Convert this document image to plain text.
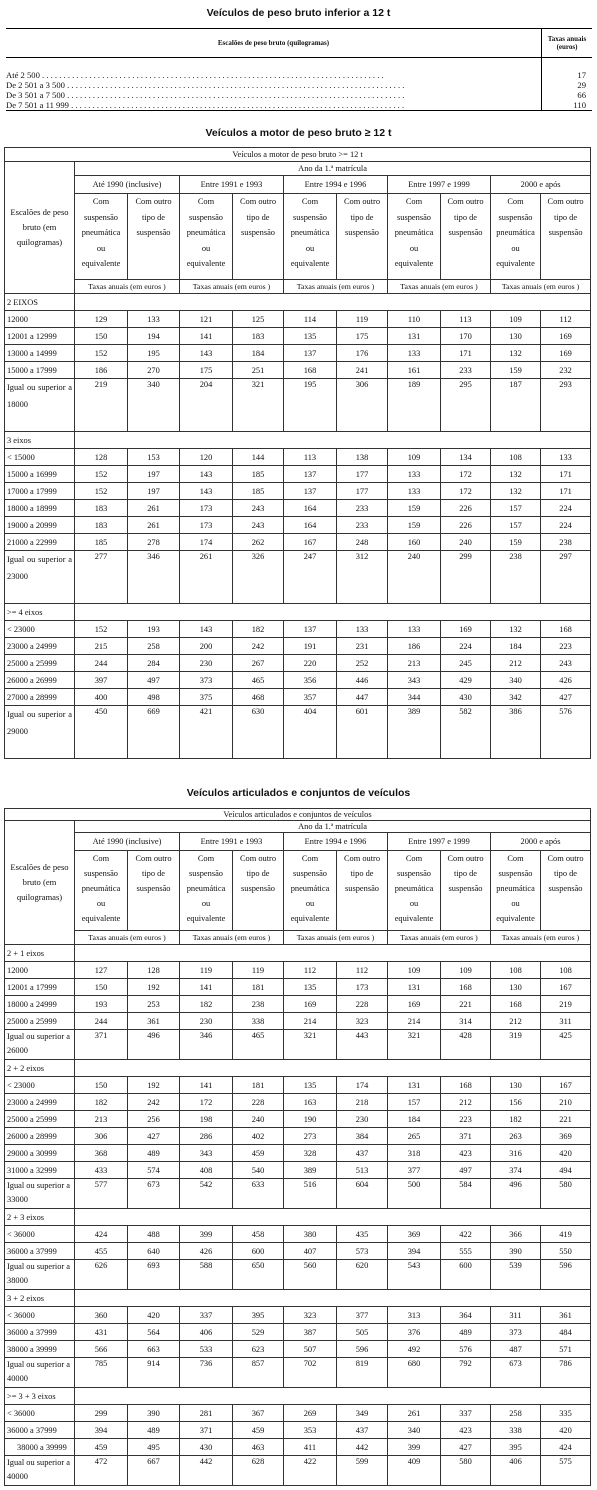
Veículos de peso bruto inferior a 12 t
Escalões de peso bruto (quilogramas)	Taxas anuais (euros)
Até 2 500 . . . . . . . . . . . . . . . . . . . . . . . . . . . . . . . . . . . . . . . . . . . . . . . . . . . . . . . . . . . . . . . . . . . . . . . . . . . . . . . .	17
De 2 501 a 3 500 . . . . . . . . . . . . . . . . . . . . . . . . . . . . . . . . . . . . . . . . . . . . . . . . . . . . . . . . . . . . . . . . . . . . . . . . . . . . . . .	29
De 3 501 a 7 500 . . . . . . . . . . . . . . . . . . . . . . . . . . . . . . . . . . . . . . . . . . . . . . . . . . . . . . . . . . . . . . . . . . . . . . . . . . . . . . .	66
De 7 501 a 11 999 . . . . . . . . . . . . . . . . . . . . . . . . . . . . . . . . . . . . . . . . . . . . . . . . . . . . . . . . . . . . . . . . . . . . . . . . . . . . . .	110
Veículos a motor de peso bruto ≥ 12 t
Veículos a motor de peso bruto >= 12 t										
Escalões de peso bruto (em quilogramas)	Ano da 1.ª matrícula									
	Até 1990 (inclusive)		Entre 1991 e 1993		Entre 1994 e 1996		Entre 1997 e 1999		2000 e após	
	Com suspensão pneumática ou equivalente	Com outro tipo de suspensão	Com suspensão pneumática ou equivalente	Com outro tipo de suspensão	Com suspensão pneumática ou equivalente	Com outro tipo de suspensão	Com suspensão pneumática ou equivalente	Com outro tipo de suspensão	Com suspensão pneumática ou equivalente	Com outro tipo de suspensão
	Taxas anuais (em euros )		Taxas anuais (em euros )		Taxas anuais (em euros )		Taxas anuais (em euros )		Taxas anuais (em euros )	
2 EIXOS										
12000	129	133	121	125	114	119	110	113	109	112
12001 a 12999	150	194	141	183	135	175	131	170	130	169
13000 a 14999	152	195	143	184	137	176	133	171	132	169
15000 a 17999	186	270	175	251	168	241	161	233	159	232
Igual ou superior a 18000	219	340	204	321	195	306	189	295	187	293
3 eixos										
< 15000	128	153	120	144	113	138	109	134	108	133
15000 a 16999	152	197	143	185	137	177	133	172	132	171
17000 a 17999	152	197	143	185	137	177	133	172	132	171
18000 a 18999	183	261	173	243	164	233	159	226	157	224
19000 a 20999	183	261	173	243	164	233	159	226	157	224
21000 a 22999	185	278	174	262	167	248	160	240	159	238
Igual ou superior a 23000	277	346	261	326	247	312	240	299	238	297
>= 4 eixos										
< 23000	152	193	143	182	137	133	133	169	132	168
23000 a 24999	215	258	200	242	191	231	186	224	184	223
25000 a 25999	244	284	230	267	220	252	213	245	212	243
26000 a 26999	397	497	373	465	356	446	343	429	340	426
27000 a 28999	400	498	375	468	357	447	344	430	342	427
Igual ou superior a 29000	450	669	421	630	404	601	389	582	386	576
Veículos articulados e conjuntos de veículos
Veículos articulados e conjuntos de veículos										
Escalões de peso bruto (em quilogramas)	Ano da 1.ª matrícula									
	Até 1990 (inclusive)		Entre 1991 e 1993		Entre 1994 e 1996		Entre 1997 e 1999		2000 e após	
	Com suspensão pneumática ou equivalente	Com outro tipo de suspensão	Com suspensão pneumática ou equivalente	Com outro tipo de suspensão	Com suspensão pneumática ou equivalente	Com outro tipo de suspensão	Com suspensão pneumática ou equivalente	Com outro tipo de suspensão	Com suspensão pneumática ou equivalente	Com outro tipo de suspensão
	Taxas anuais (em euros )		Taxas anuais (em euros )		Taxas anuais (em euros )		Taxas anuais (em euros )		Taxas anuais (em euros )	
2 + 1 eixos										
12000	127	128	119	119	112	112	109	109	108	108
12001 a 17999	150	192	141	181	135	173	131	168	130	167
18000 a 24999	193	253	182	238	169	228	169	221	168	219
25000 a 25999	244	361	230	338	214	323	214	314	212	311
Igual ou superior a 26000	371	496	346	465	321	443	321	428	319	425
2 + 2 eixos										
< 23000	150	192	141	181	135	174	131	168	130	167
23000 a 24999	182	242	172	228	163	218	157	212	156	210
25000 a 25999	213	256	198	240	190	230	184	223	182	221
26000 a 28999	306	427	286	402	273	384	265	371	263	369
29000 a 30999	368	489	343	459	328	437	318	423	316	420
31000 a 32999	433	574	408	540	389	513	377	497	374	494
Igual ou superior a 33000	577	673	542	633	516	604	500	584	496	580
2 + 3 eixos										
< 36000	424	488	399	458	380	435	369	422	366	419
36000 a 37999	455	640	426	600	407	573	394	555	390	550
Igual ou superior a 38000	626	693	588	650	560	620	543	600	539	596
3 + 2 eixos										
< 36000	360	420	337	395	323	377	313	364	311	361
36000 a 37999	431	564	406	529	387	505	376	489	373	484
38000 a 39999	566	663	533	623	507	596	492	576	487	571
Igual ou superior a 40000	785	914	736	857	702	819	680	792	673	786
>= 3 + 3 eixos										
< 36000	299	390	281	367	269	349	261	337	258	335
36000 a 37999	394	489	371	459	353	437	340	423	338	420
38000 a 39999	459	495	430	463	411	442	399	427	395	424
Igual ou superior a 40000	472	667	442	628	422	599	409	580	406	575
